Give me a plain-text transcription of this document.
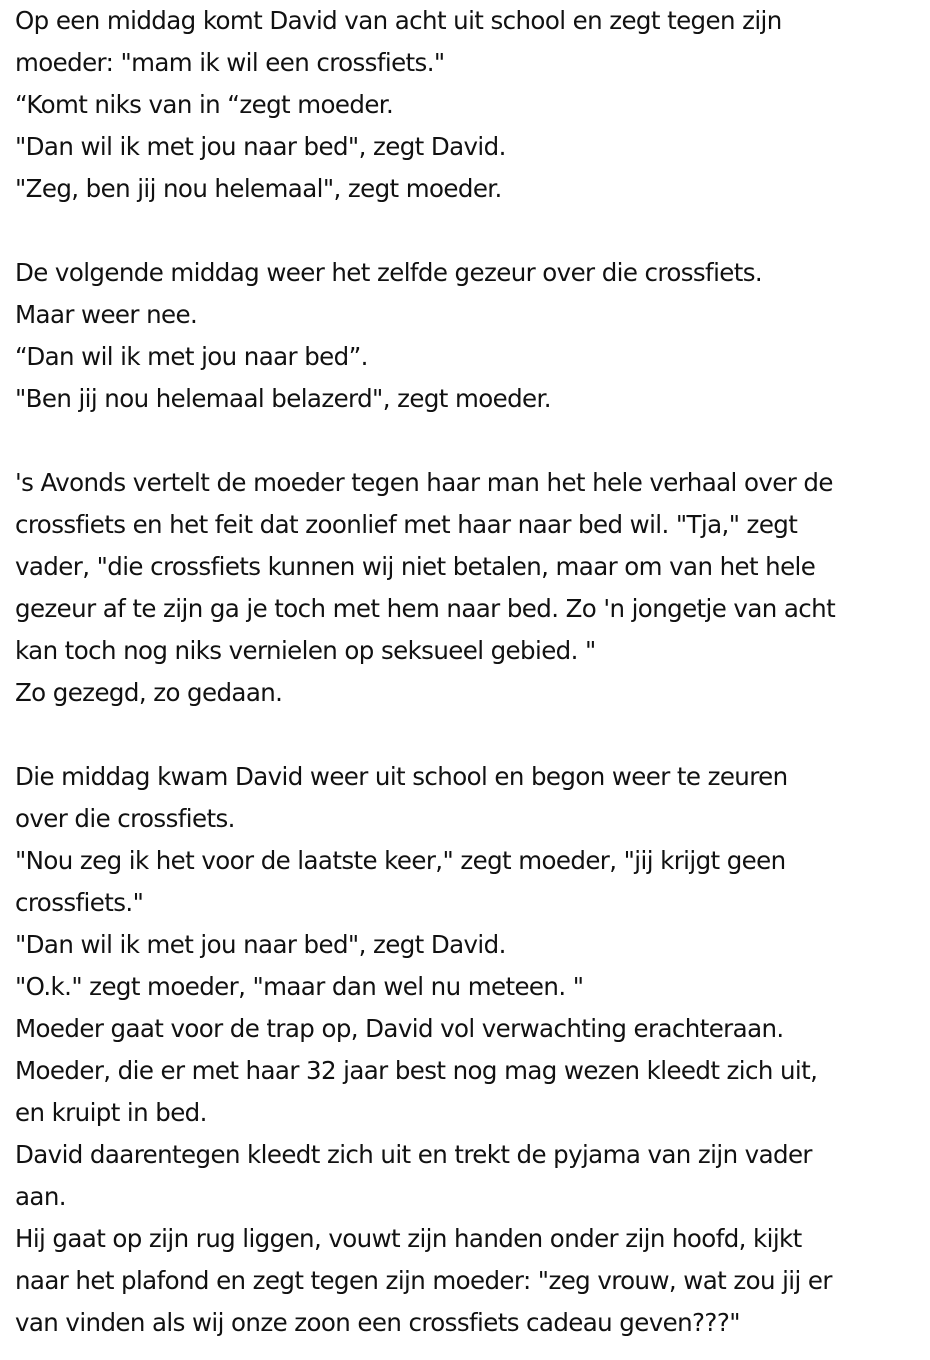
Op een middag komt David van acht uit school en zegt tegen zijn
moeder: "mam ik wil een crossfiets."
“Komt niks van in “zegt moeder.
"Dan wil ik met jou naar bed", zegt David.
"Zeg, ben jij nou helemaal", zegt moeder.
De volgende middag weer het zelfde gezeur over die crossfiets.
Maar weer nee.
“Dan wil ik met jou naar bed”.
"Ben jij nou helemaal belazerd", zegt moeder.
's Avonds vertelt de moeder tegen haar man het hele verhaal over de
crossfiets en het feit dat zoonlief met haar naar bed wil. "Tja," zegt
vader, "die crossfiets kunnen wij niet betalen, maar om van het hele
gezeur af te zijn ga je toch met hem naar bed. Zo 'n jongetje van acht
kan toch nog niks vernielen op seksueel gebied. "
Zo gezegd, zo gedaan.
Die middag kwam David weer uit school en begon weer te zeuren
over die crossfiets.
"Nou zeg ik het voor de laatste keer," zegt moeder, "jij krijgt geen
crossfiets."
"Dan wil ik met jou naar bed", zegt David.
"O.k." zegt moeder, "maar dan wel nu meteen. "
Moeder gaat voor de trap op, David vol verwachting erachteraan.
Moeder, die er met haar 32 jaar best nog mag wezen kleedt zich uit,
en kruipt in bed.
David daarentegen kleedt zich uit en trekt de pyjama van zijn vader
aan.
Hij gaat op zijn rug liggen, vouwt zijn handen onder zijn hoofd, kijkt
naar het plafond en zegt tegen zijn moeder: "zeg vrouw, wat zou jij er
van vinden als wij onze zoon een crossfiets cadeau geven???"
